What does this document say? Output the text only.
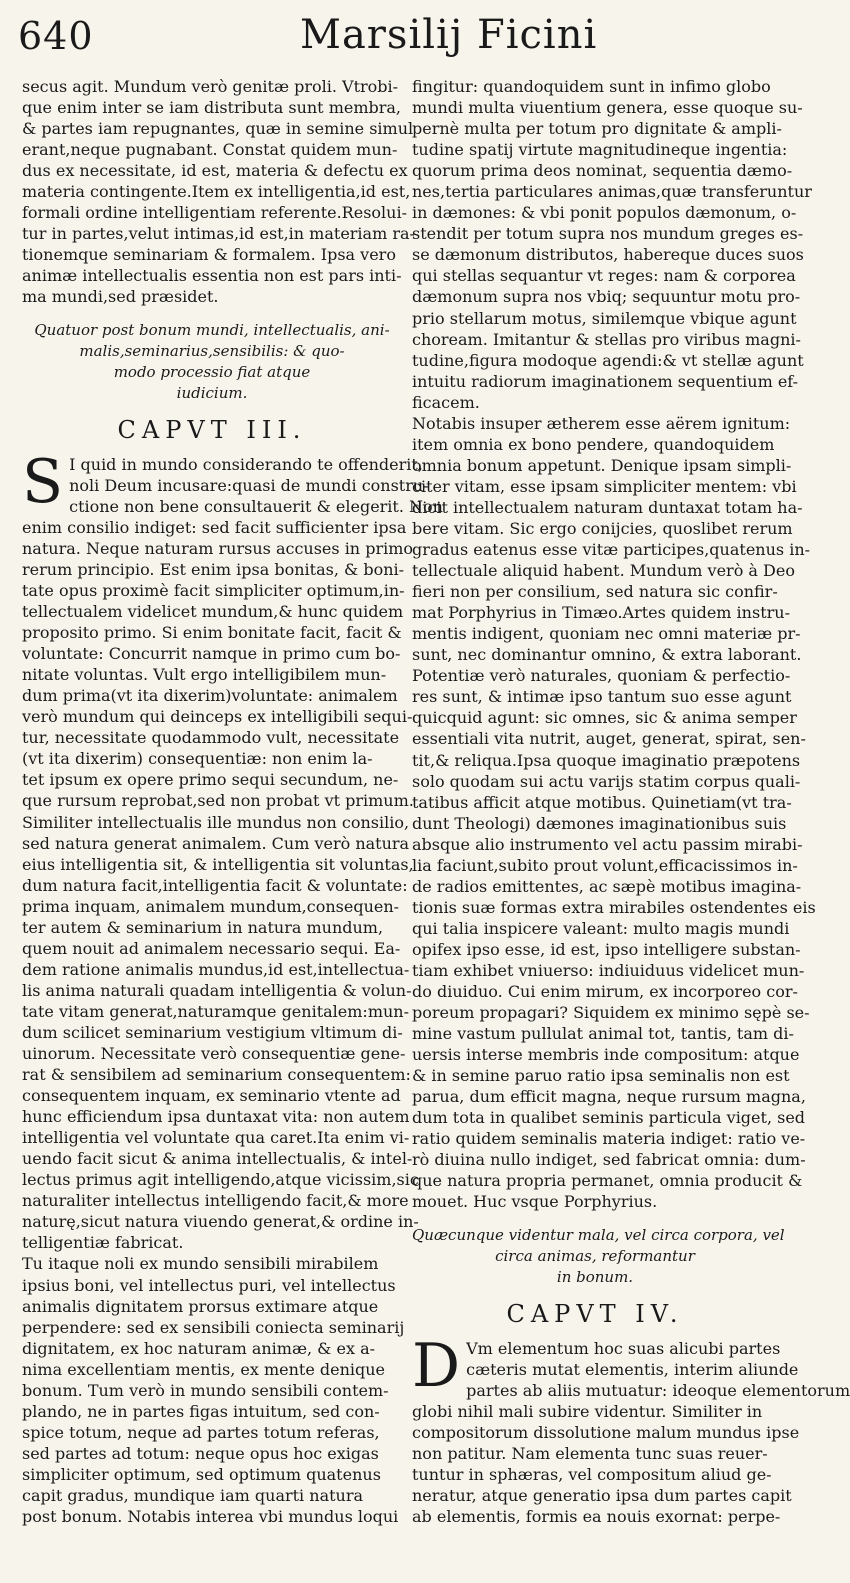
640	Marsilij Ficini
secus agit. Mundum verò genitæ proli. Vtrobi-
que enim inter se iam distributa sunt membra,
& partes iam repugnantes, quæ in semine simul
erant,neque pugnabant. Constat quidem mun-
dus ex necessitate, id est, materia & defectu ex
materia contingente.Item ex intelligentia,id est,
formali ordine intelligentiam referente.Resolui-
tur in partes,velut intimas,id est,in materiam ra-
tionemque seminariam & formalem. Ipsa vero
animæ intellectualis essentia non est pars inti-
ma mundi,sed præsidet.
Quatuor post bonum mundi, intellectualis, ani-
malis,seminarius,sensibilis: & quo-
modo processio fiat atque
iudicium.
CAPVT III.
S I quid in mundo considerando te offenderit,
noli Deum incusare:quasi de mundi constru-
ctione non bene consultauerit & elegerit. Non
enim consilio indiget: sed facit sufficienter ipsa
natura. Neque naturam rursus accuses in primo
rerum principio. Est enim ipsa bonitas, & boni-
tate opus proximè facit simpliciter optimum,in-
tellectualem videlicet mundum,& hunc quidem
proposito primo. Si enim bonitate facit, facit &
voluntate: Concurrit namque in primo cum bo-
nitate voluntas. Vult ergo intelligibilem mun-
dum prima(vt ita dixerim)voluntate: animalem
verò mundum qui deinceps ex intelligibili sequi-
tur, necessitate quodammodo vult, necessitate
(vt ita dixerim) consequentiæ: non enim la-
tet ipsum ex opere primo sequi secundum, ne-
que rursum reprobat,sed non probat vt primum.
Similiter intellectualis ille mundus non consilio,
sed natura generat animalem. Cum verò natura
eius intelligentia sit, & intelligentia sit voluntas,
dum natura facit,intelligentia facit & voluntate:
prima inquam, animalem mundum,consequen-
ter autem & seminarium in natura mundum,
quem nouit ad animalem necessario sequi. Ea-
dem ratione animalis mundus,id est,intellectua-
lis anima naturali quadam intelligentia & volun-
tate vitam generat,naturamque genitalem:mun-
dum scilicet seminarium vestigium vltimum di-
uinorum. Necessitate verò consequentiæ gene-
rat & sensibilem ad seminarium consequentem:
consequentem inquam, ex seminario vtente ad
hunc efficiendum ipsa duntaxat vita: non autem
intelligentia vel voluntate qua caret.Ita enim vi-
uendo facit sicut & anima intellectualis, & intel-
lectus primus agit intelligendo,atque vicissim,sic
naturaliter intellectus intelligendo facit,& more
naturę,sicut natura viuendo generat,& ordine in-
telligentiæ fabricat.
Tu itaque noli ex mundo sensibili mirabilem
ipsius boni, vel intellectus puri, vel intellectus
animalis dignitatem prorsus extimare atque
perpendere: sed ex sensibili coniecta seminarij
dignitatem, ex hoc naturam animæ, & ex a-
nima excellentiam mentis, ex mente denique
bonum. Tum verò in mundo sensibili contem-
plando, ne in partes figas intuitum, sed con-
spice totum, neque ad partes totum referas,
sed partes ad totum: neque opus hoc exigas
simpliciter optimum, sed optimum quatenus
capit gradus, mundique iam quarti natura
post bonum. Notabis interea vbi mundus loqui
fingitur: quandoquidem sunt in infimo globo
mundi multa viuentium genera, esse quoque su-
pernè multa per totum pro dignitate & ampli-
tudine spatij virtute magnitudineque ingentia:
quorum prima deos nominat, sequentia dæmo-
nes,tertia particulares animas,quæ transferuntur
in dæmones: & vbi ponit populos dæmonum, o-
stendit per totum supra nos mundum greges es-
se dæmonum distributos, habereque duces suos
qui stellas sequantur vt reges: nam & corporea
dæmonum supra nos vbiq; sequuntur motu pro-
prio stellarum motus, similemque vbique agunt
choream. Imitantur & stellas pro viribus magni-
tudine,figura modoque agendi:& vt stellæ agunt
intuitu radiorum imaginationem sequentium ef-
ficacem.
Notabis insuper ætherem esse aërem ignitum:
item omnia ex bono pendere, quandoquidem
omnia bonum appetunt. Denique ipsam simpli-
citer vitam, esse ipsam simpliciter mentem: vbi
dicit intellectualem naturam duntaxat totam ha-
bere vitam. Sic ergo conijcies, quoslibet rerum
gradus eatenus esse vitæ participes,quatenus in-
tellectuale aliquid habent. Mundum verò à Deo
fieri non per consilium, sed natura sic confir-
mat Porphyrius in Timæo.Artes quidem instru-
mentis indigent, quoniam nec omni materiæ pr-
sunt, nec dominantur omnino, & extra laborant.
Potentiæ verò naturales, quoniam & perfectio-
res sunt, & intimæ ipso tantum suo esse agunt
quicquid agunt: sic omnes, sic & anima semper
essentiali vita nutrit, auget, generat, spirat, sen-
tit,& reliqua.Ipsa quoque imaginatio præpotens
solo quodam sui actu varijs statim corpus quali-
tatibus afficit atque motibus. Quinetiam(vt tra-
dunt Theologi) dæmones imaginationibus suis
absque alio instrumento vel actu passim mirabi-
lia faciunt,subito prout volunt,efficacissimos in-
de radios emittentes, ac sæpè motibus imagina-
tionis suæ formas extra mirabiles ostendentes eis
qui talia inspicere valeant: multo magis mundi
opifex ipso esse, id est, ipso intelligere substan-
tiam exhibet vniuerso: indiuiduus videlicet mun-
do diuiduo. Cui enim mirum, ex incorporeo cor-
poreum propagari? Siquidem ex minimo sępè se-
mine vastum pullulat animal tot, tantis, tam di-
uersis interse membris inde compositum: atque
& in semine paruo ratio ipsa seminalis non est
parua, dum efficit magna, neque rursum magna,
dum tota in qualibet seminis particula viget, sed
ratio quidem seminalis materia indiget: ratio ve-
rò diuina nullo indiget, sed fabricat omnia: dum-
que natura propria permanet, omnia producit &
mouet. Huc vsque Porphyrius.
Quæcunque videntur mala, vel circa corpora, vel
circa animas, reformantur
in bonum.
CAPVT IV.
D Vm elementum hoc suas alicubi partes
cæteris mutat elementis, interim aliunde
partes ab aliis mutuatur: ideoque elementorum
globi nihil mali subire videntur. Similiter in
compositorum dissolutione malum mundus ipse
non patitur. Nam elementa tunc suas reuer-
tuntur in sphæras, vel compositum aliud ge-
neratur, atque generatio ipsa dum partes capit
ab elementis, formis ea nouis exornat: perpe-
